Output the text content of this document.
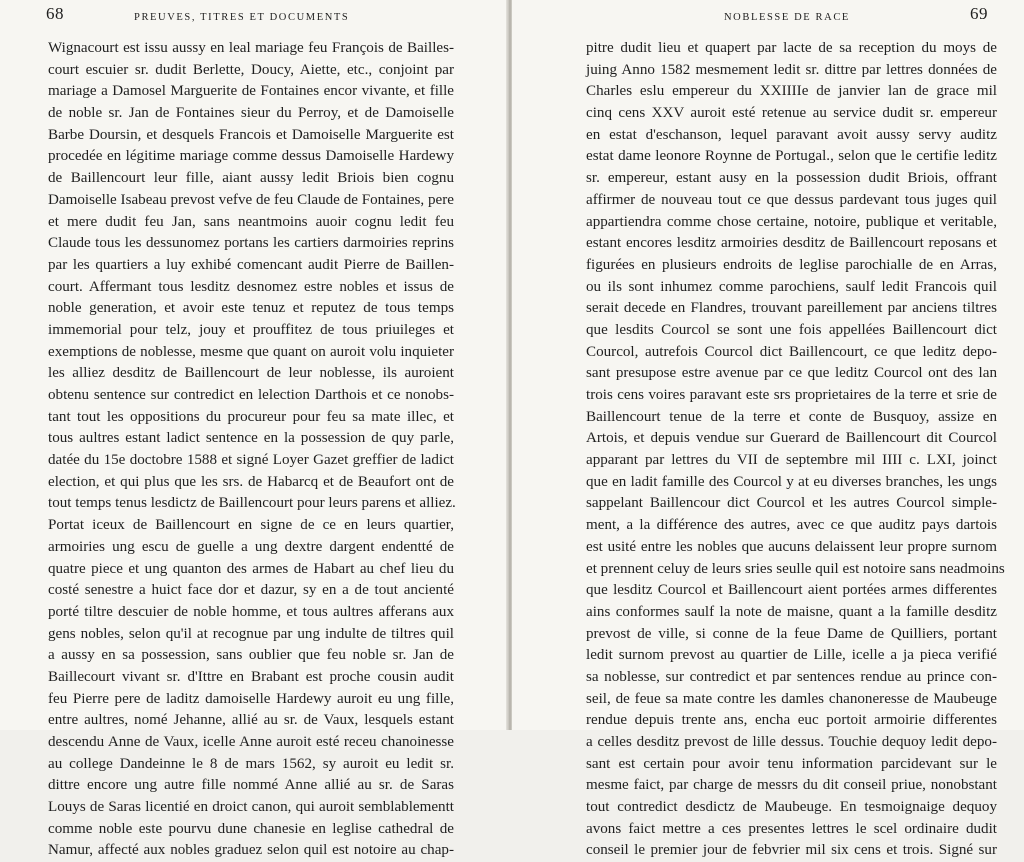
68	PREUVES, TITRES ET DOCUMENTS
Wignacourt est issu aussy en leal mariage feu François de Bailles-
court escuier sr. dudit Berlette, Doucy, Aiette, etc., conjoint par
mariage a Damosel Marguerite de Fontaines encor vivante, et fille
de noble sr. Jan de Fontaines sieur du Perroy, et de Damoiselle
Barbe Doursin, et desquels Francois et Damoiselle Marguerite est
procedée en légitime mariage comme dessus Damoiselle Hardewy
de Baillencourt leur fille, aiant aussy ledit Briois bien cognu
Damoiselle Isabeau prevost vefve de feu Claude de Fontaines, pere
et mere dudit feu Jan, sans neantmoins auoir cognu ledit feu
Claude tous les dessunomez portans les cartiers darmoiries reprins
par les quartiers a luy exhibé comencant audit Pierre de Baillen-
court. Affermant tous lesditz desnomez estre nobles et issus de
noble generation, et avoir este tenuz et reputez de tous temps
immemorial pour telz, jouy et prouffitez de tous priuileges et
exemptions de noblesse, mesme que quant on auroit volu inquieter
les alliez desditz de Baillencourt de leur noblesse, ils auroient
obtenu sentence sur contredict en lelection Darthois et ce nonobs-
tant tout les oppositions du procureur pour feu sa mate illec, et
tous aultres estant ladict sentence en la possession de quy parle,
datée du 15e doctobre 1588 et signé Loyer Gazet greffier de ladict
election, et qui plus que les srs. de Habarcq et de Beaufort ont de
tout temps tenus lesdictz de Baillencourt pour leurs parens et alliez.
Portat iceux de Baillencourt en signe de ce en leurs quartier,
armoiries ung escu de guelle a ung dextre dargent endentté de
quatre piece et ung quanton des armes de Habart au chef lieu du
costé senestre a huict face dor et dazur, sy en a de tout ancienté
porté tiltre descuier de noble homme, et tous aultres afferans aux
gens nobles, selon qu'il at recognue par ung indulte de tiltres quil
a aussy en sa possession, sans oublier que feu noble sr. Jan de
Baillecourt vivant sr. d'Ittre en Brabant est proche cousin audit
feu Pierre pere de laditz damoiselle Hardewy auroit eu ung fille,
entre aultres, nomé Jehanne, allié au sr. de Vaux, lesquels estant
descendu Anne de Vaux, icelle Anne auroit esté receu chanoinesse
au college Dandeinne le 8 de mars 1562, sy auroit eu ledit sr.
dittre encore ung autre fille nommé Anne allié au sr. de Saras
Louys de Saras licentié en droict canon, qui auroit semblablementt
comme noble este pourvu dune chanesie en leglise cathedral de
Namur, affecté aux nobles graduez selon quil est notoire au chap-
NOBLESSE DE RACE	69
pitre dudit lieu et quapert par lacte de sa reception du moys de
juing Anno 1582 mesmement ledit sr. dittre par lettres données de
Charles eslu empereur du XXIIIIe de janvier lan de grace mil
cinq cens XXV auroit esté retenue au service dudit sr. empereur
en estat d'eschanson, lequel paravant avoit aussy servy auditz
estat dame leonore Roynne de Portugal., selon que le certifie leditz
sr. empereur, estant ausy en la possession dudit Briois, offrant
affirmer de nouveau tout ce que dessus pardevant tous juges quil
appartiendra comme chose certaine, notoire, publique et veritable,
estant encores lesditz armoiries desditz de Baillencourt reposans et
figurées en plusieurs endroits de leglise parochialle de en Arras,
ou ils sont inhumez comme parochiens, saulf ledit Francois quil
serait decede en Flandres, trouvant pareillement par anciens tiltres
que lesdits Courcol se sont une fois appellées Baillencourt dict
Courcol, autrefois Courcol dict Baillencourt, ce que leditz depo-
sant presupose estre avenue par ce que leditz Courcol ont des lan
trois cens voires paravant este srs proprietaires de la terre et srie de
Baillencourt tenue de la terre et conte de Busquoy, assize en
Artois, et depuis vendue sur Guerard de Baillencourt dit Courcol
apparant par lettres du VII de septembre mil IIII c. LXI, joinct
que en ladit famille des Courcol y at eu diverses branches, les ungs
sappelant Baillencour dict Courcol et les autres Courcol simple-
ment, a la différence des autres, avec ce que auditz pays dartois
est usité entre les nobles que aucuns delaissent leur propre surnom
et prennent celuy de leurs sries seulle quil est notoire sans neadmoins
que lesditz Courcol et Baillencourt aient portées armes differentes
ains conformes saulf la note de maisne, quant a la famille desditz
prevost de ville, si conne de la feue Dame de Quilliers, portant
ledit surnom prevost au quartier de Lille, icelle a ja pieca verifié
sa noblesse, sur contredict et par sentences rendue au prince con-
seil, de feue sa mate contre les damles chanoneresse de Maubeuge
rendue depuis trente ans, encha euc portoit armoirie differentes
a celles desditz prevost de lille dessus. Touchie dequoy ledit depo-
sant est certain pour avoir tenu information parcidevant sur le
mesme faict, par charge de messrs du dit conseil priue, nonobstant
tout contredict desdictz de Maubeuge. En tesmoignaige dequoy
avons faict mettre a ces presentes lettres le scel ordinaire dudit
conseil le premier jour de febvrier mil six cens et trois. Signé sur
